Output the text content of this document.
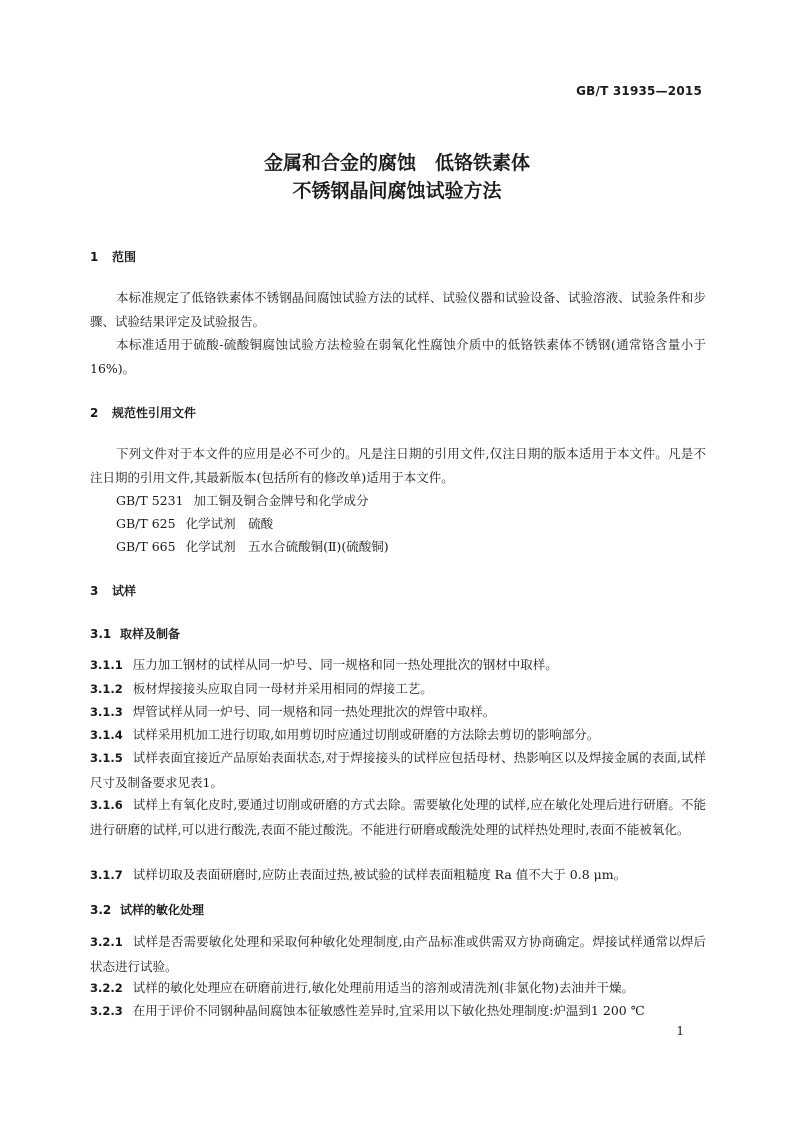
GB/T 31935—2015
金属和合金的腐蚀　低铬铁素体
不锈钢晶间腐蚀试验方法
1 范围
本标准规定了低铬铁素体不锈钢晶间腐蚀试验方法的试样、试验仪器和试验设备、试验溶液、试验条件和步骤、试验结果评定及试验报告。
本标准适用于硫酸-硫酸铜腐蚀试验方法检验在弱氧化性腐蚀介质中的低铬铁素体不锈钢(通常铬含量小于16%)。
2 规范性引用文件
下列文件对于本文件的应用是必不可少的。凡是注日期的引用文件,仅注日期的版本适用于本文件。凡是不注日期的引用文件,其最新版本(包括所有的修改单)适用于本文件。
GB/T 5231 加工铜及铜合金牌号和化学成分
GB/T 625 化学试剂　硫酸
GB/T 665 化学试剂　五水合硫酸铜(Ⅱ)(硫酸铜)
3 试样
3.1 取样及制备
3.1.1 压力加工钢材的试样从同一炉号、同一规格和同一热处理批次的钢材中取样。
3.1.2 板材焊接接头应取自同一母材并采用相同的焊接工艺。
3.1.3 焊管试样从同一炉号、同一规格和同一热处理批次的焊管中取样。
3.1.4 试样采用机加工进行切取,如用剪切时应通过切削或研磨的方法除去剪切的影响部分。
3.1.5 试样表面宜接近产品原始表面状态,对于焊接接头的试样应包括母材、热影响区以及焊接金属的表面,试样尺寸及制备要求见表1。
3.1.6 试样上有氧化皮时,要通过切削或研磨的方式去除。需要敏化处理的试样,应在敏化处理后进行研磨。不能进行研磨的试样,可以进行酸洗,表面不能过酸洗。不能进行研磨或酸洗处理的试样热处理时,表面不能被氧化。
3.1.7 试样切取及表面研磨时,应防止表面过热,被试验的试样表面粗糙度 Ra 值不大于 0.8 μm。
3.2 试样的敏化处理
3.2.1 试样是否需要敏化处理和采取何种敏化处理制度,由产品标准或供需双方协商确定。焊接试样通常以焊后状态进行试验。
3.2.2 试样的敏化处理应在研磨前进行,敏化处理前用适当的溶剂或清洗剂(非氯化物)去油并干燥。
3.2.3 在用于评价不同钢种晶间腐蚀本征敏感性差异时,宜采用以下敏化热处理制度:炉温到1 200 ℃
1
